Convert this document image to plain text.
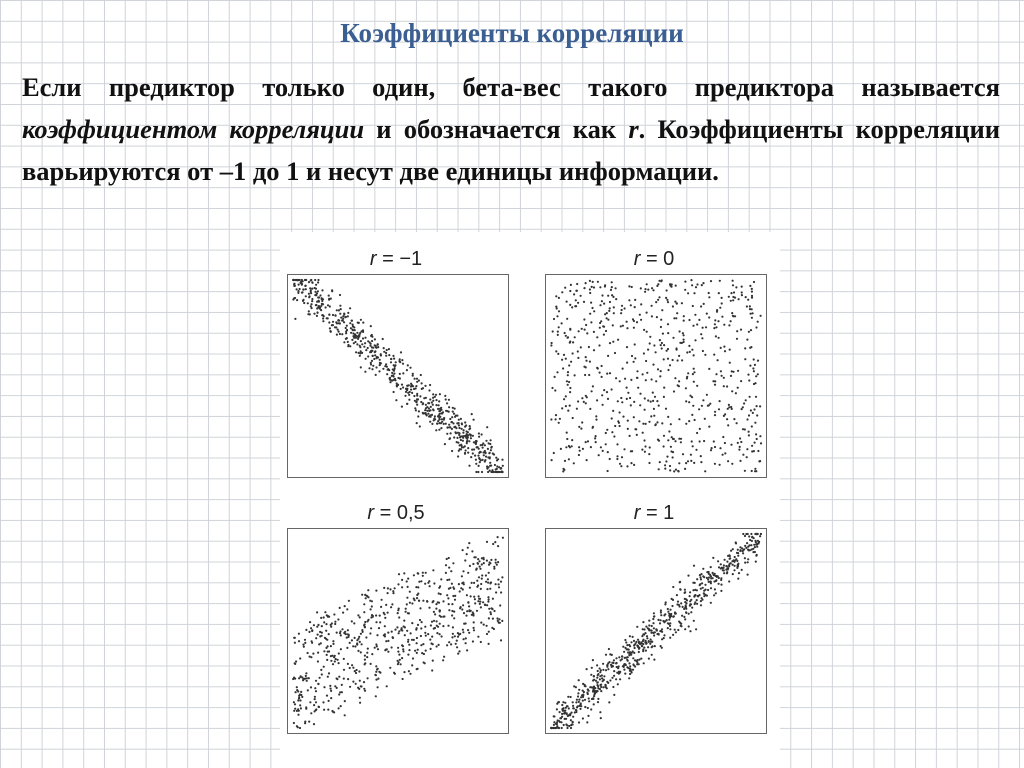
Коэффициенты корреляции
Если предиктор только один, бета-вес такого предиктора называется коэффициентом корреляции и обозначается как r. Коэффициенты корреляции варьируются от –1 до 1 и несут две единицы информации.
r = −1	r = 0
r = 0,5	r = 1
